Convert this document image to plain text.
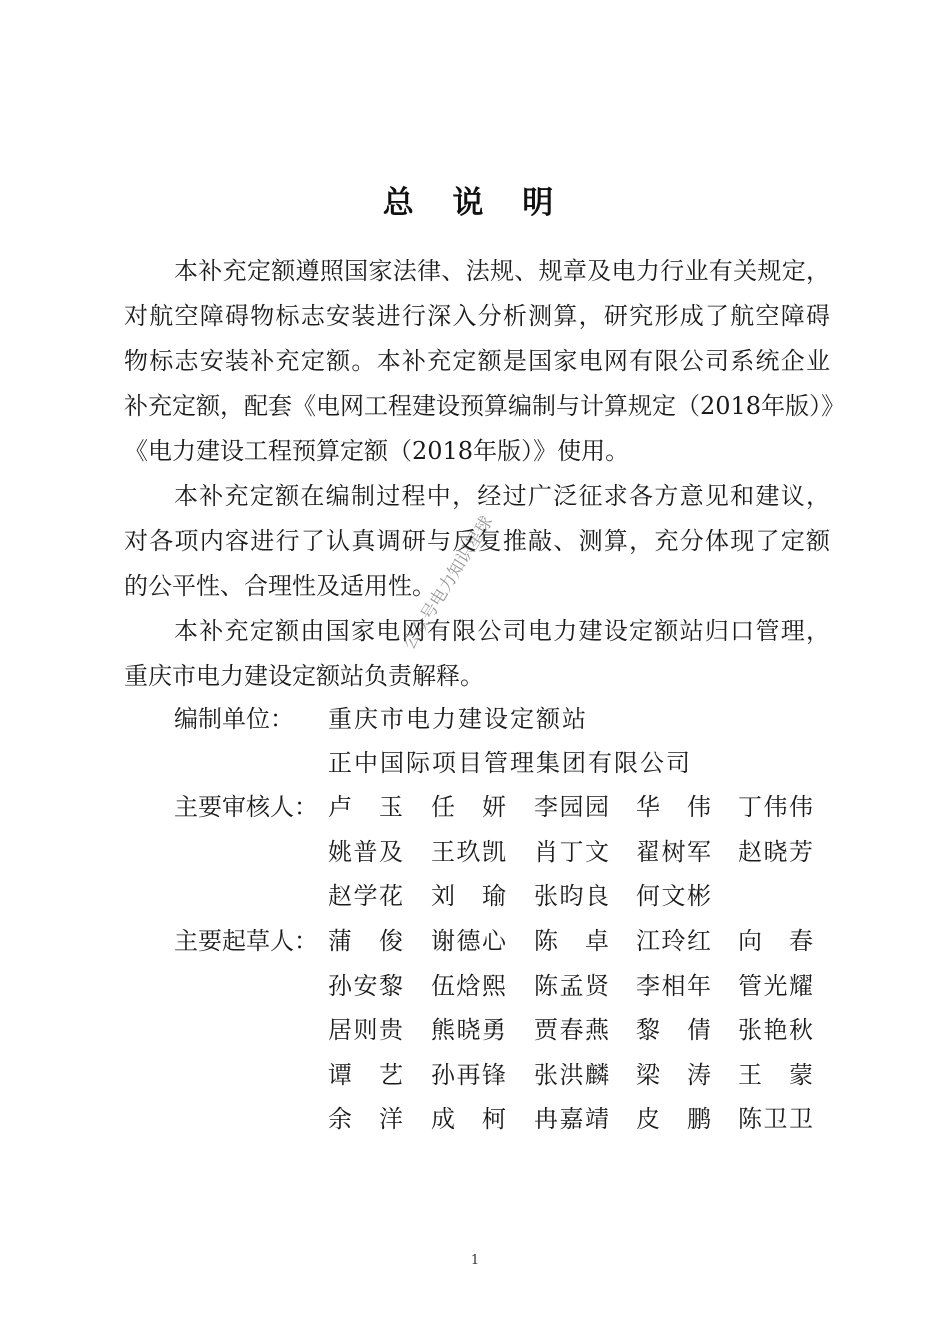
总 说 明
本补充定额遵照国家法律、法规、规章及电力行业有关规定，
对航空障碍物标志安装进行深入分析测算，研究形成了航空障碍
物标志安装补充定额。本补充定额是国家电网有限公司系统企业
补充定额，配套《电网工程建设预算编制与计算规定（2018年版）》
《电力建设工程预算定额（2018年版）》使用。
本补充定额在编制过程中，经过广泛征求各方意见和建议，
对各项内容进行了认真调研与反复推敲、测算，充分体现了定额
的公平性、合理性及适用性。
本补充定额由国家电网有限公司电力建设定额站归口管理，
重庆市电力建设定额站负责解释。
编制单位： 重庆市电力建设定额站
正中国际项目管理集团有限公司
主要审核人： 卢 玉 任 妍 李园园 华 伟 丁伟伟
姚普及 王玖凯 肖丁文 翟树军 赵晓芳
赵学花 刘 瑜 张昀良 何文彬
主要起草人： 蒲 俊 谢德心 陈 卓 江玲红 向 春
孙安黎 伍焓熙 陈孟贤 李相年 管光耀
居则贵 熊晓勇 贾春燕 黎 倩 张艳秋
谭 艺 孙再锋 张洪麟 梁 涛 王 蒙
余 洋 成 柯 冉嘉靖 皮 鹏 陈卫卫
公众号电力知识星球
1
